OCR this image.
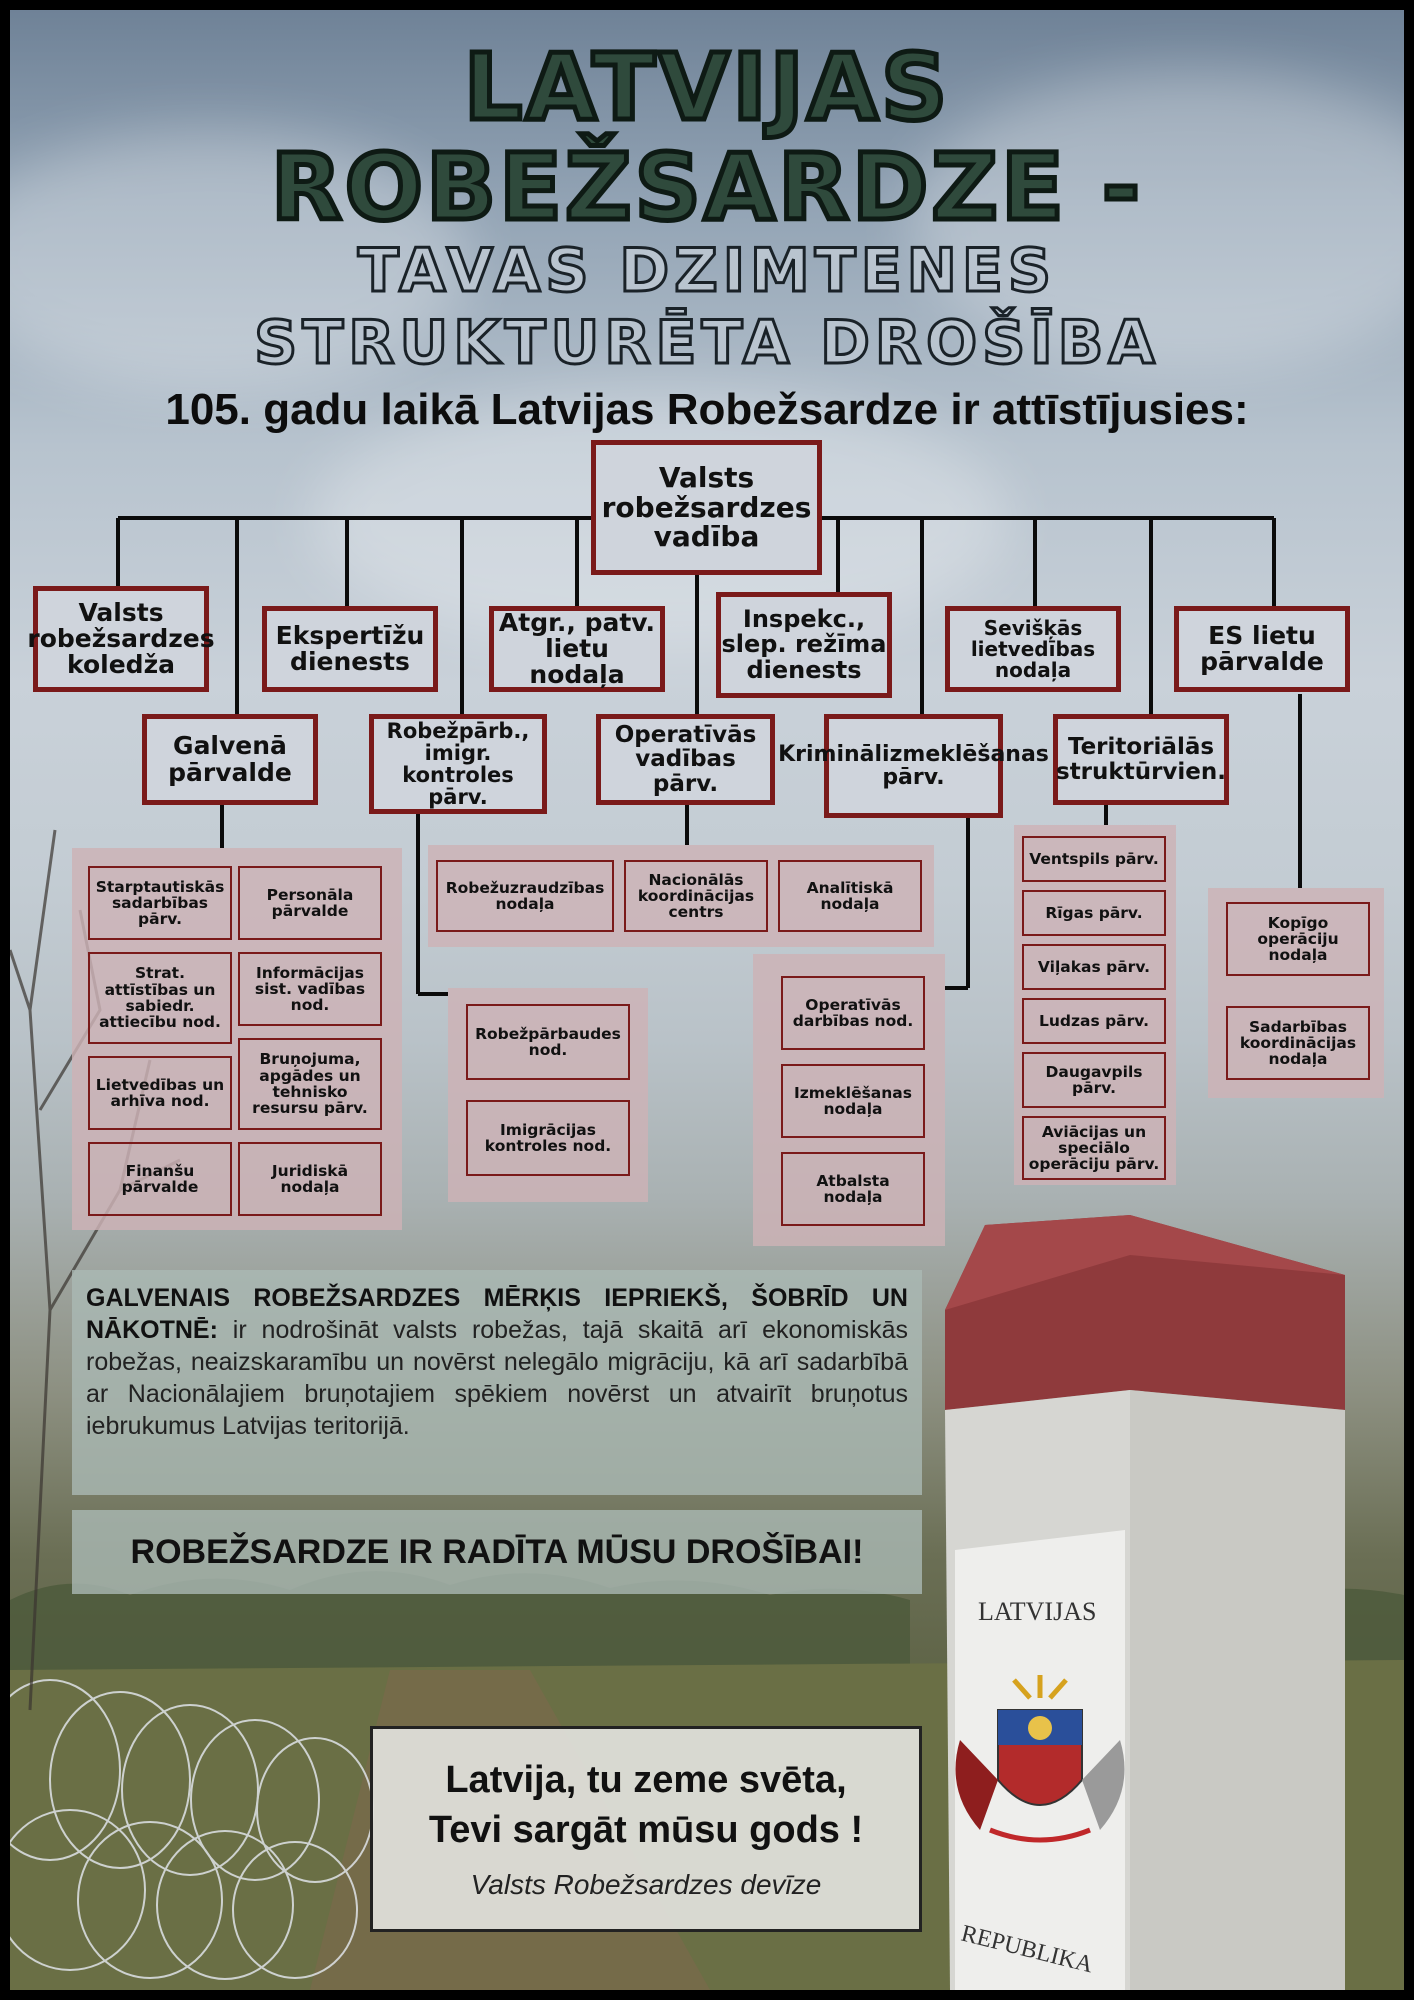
LATVIJAS
REPUBLIKA
LATVIJAS
ROBEŽSARDZE -
TAVAS DZIMTENES
STRUKTURĒTA DROŠĪBA
105. gadu laikā Latvijas Robežsardze ir attīstījusies:
Valsts robežsardzes vadība
Valsts robežsardzes koledža
Ekspertīžu dienests
Atgr., patv. lietu nodaļa
Inspekc., slep. režīma dienests
Sevišķās lietvedības nodaļa
ES lietu pārvalde
Galvenā pārvalde
Robežpārb., imigr. kontroles pārv.
Operatīvās vadības pārv.
Kriminālizmeklēšanas pārv.
Teritoriālās struktūrvien.
Starptautiskās sadarbības pārv.
Personāla pārvalde
Strat. attīstības un sabiedr. attiecību nod.
Informācijas sist. vadības nod.
Lietvedības un arhīva nod.
Bruņojuma, apgādes un tehnisko resursu pārv.
Finanšu pārvalde
Juridiskā nodaļa
Robežuzraudzības nodaļa
Nacionālās koordinācijas centrs
Analītiskā nodaļa
Robežpārbaudes nod.
Imigrācijas kontroles nod.
Operatīvās darbības nod.
Izmeklēšanas nodaļa
Atbalsta nodaļa
Ventspils pārv.
Rīgas pārv.
Viļakas pārv.
Ludzas pārv.
Daugavpils pārv.
Aviācijas un speciālo operāciju pārv.
Kopīgo operāciju nodaļa
Sadarbības koordinācijas nodaļa
GALVENAIS ROBEŽSARDZES MĒRĶIS IEPRIEKŠ, ŠOBRĪD UN NĀKOTNĒ: ir nodrošināt valsts robežas, tajā skaitā arī ekonomiskās robežas, neaizskaramību un novērst nelegālo migrāciju, kā arī sadarbībā ar Nacionālajiem bruņotajiem spēkiem novērst un atvairīt bruņotus iebrukumus Latvijas teritorijā.
ROBEŽSARDZE IR RADĪTA MŪSU DROŠĪBAI!
Latvija, tu zeme svēta,
Tevi sargāt mūsu gods !
Valsts Robežsardzes devīze
